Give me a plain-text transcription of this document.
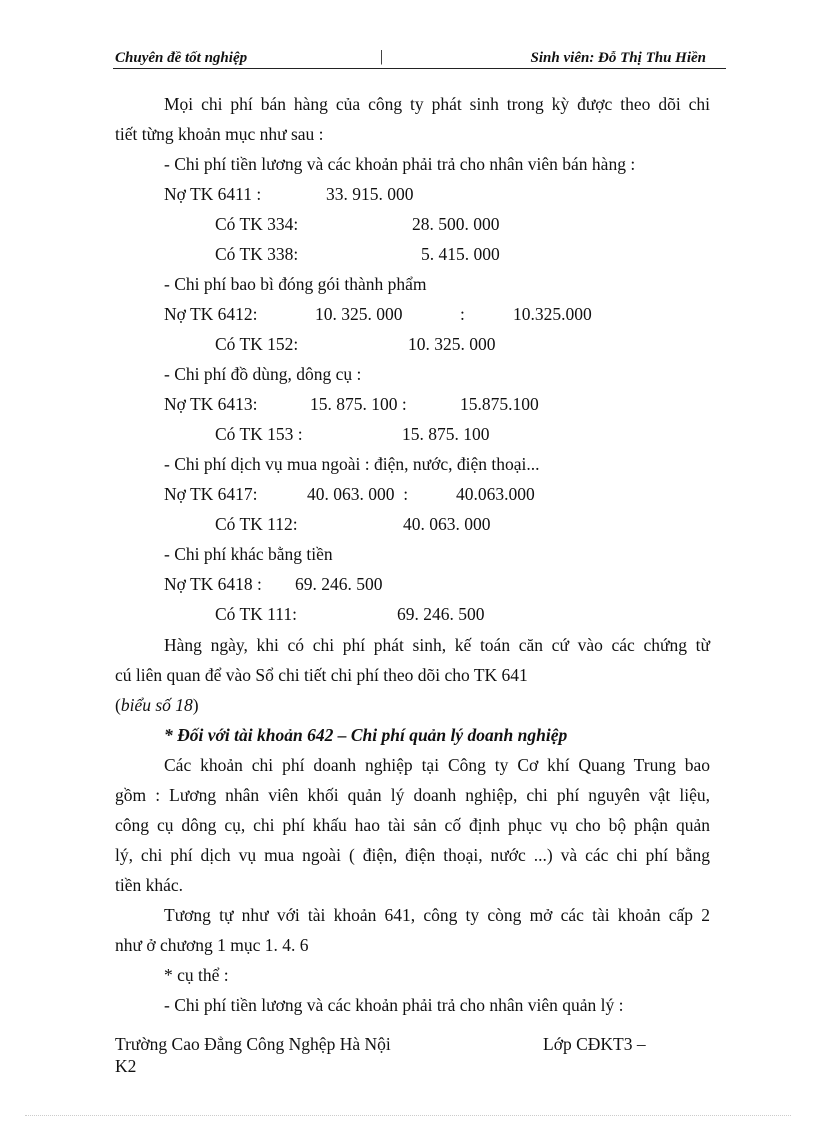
Chuyên đề tốt nghiệp	|	Sinh viên: Đỗ Thị Thu Hiền
Mọi chi phí bán hàng của công ty phát sinh trong kỳ được theo dõi chi
tiết từng khoản mục như sau :
- Chi phí tiền lương và các khoản phải trả cho nhân viên bán hàng :
Nợ TK 6411 :	33. 915. 000
Có TK 334:	28. 500. 000
Có TK 338:	5. 415. 000
- Chi phí bao bì đóng gói thành phẩm
Nợ TK 6412:	10. 325. 000	:	10.325.000
Có TK 152:	10. 325. 000
- Chi phí đồ dùng, dông cụ :
Nợ TK 6413:	15. 875. 100 :	15.875.100
Có TK 153 :	15. 875. 100
- Chi phí dịch vụ mua ngoài : điện, nước, điện thoại...
Nợ TK 6417:	40. 063. 000  :	40.063.000
Có TK 112:	40. 063. 000
- Chi phí khác bằng tiền
Nợ TK 6418 : 69. 246. 500
Có TK 111:	69. 246. 500
Hàng ngày, khi có chi phí phát sinh, kế toán căn cứ vào các chứng từ
cú liên quan để vào Sổ chi tiết chi phí theo dõi cho TK 641
(biểu số 18)
* Đối với tài khoản 642 – Chi phí quản lý doanh nghiệp
Các khoản chi phí doanh nghiệp tại Công ty Cơ khí Quang Trung bao
gồm : Lương nhân viên khối quản lý doanh nghiệp, chi phí nguyên vật liệu,
công cụ dông cụ, chi phí khấu hao tài sản cố định phục vụ cho bộ phận quản
lý, chi phí dịch vụ mua ngoài ( điện, điện thoại, nước ...) và các chi phí bằng
tiền khác.
Tương tự như với tài khoản 641, công ty còng mở các tài khoản cấp 2
như ở chương 1 mục 1. 4. 6
* cụ thể :
- Chi phí tiền lương và các khoản phải trả cho nhân viên quản lý :
Trường Cao Đẳng Công Nghệp Hà Nội	Lớp CĐKT3 –
K2
